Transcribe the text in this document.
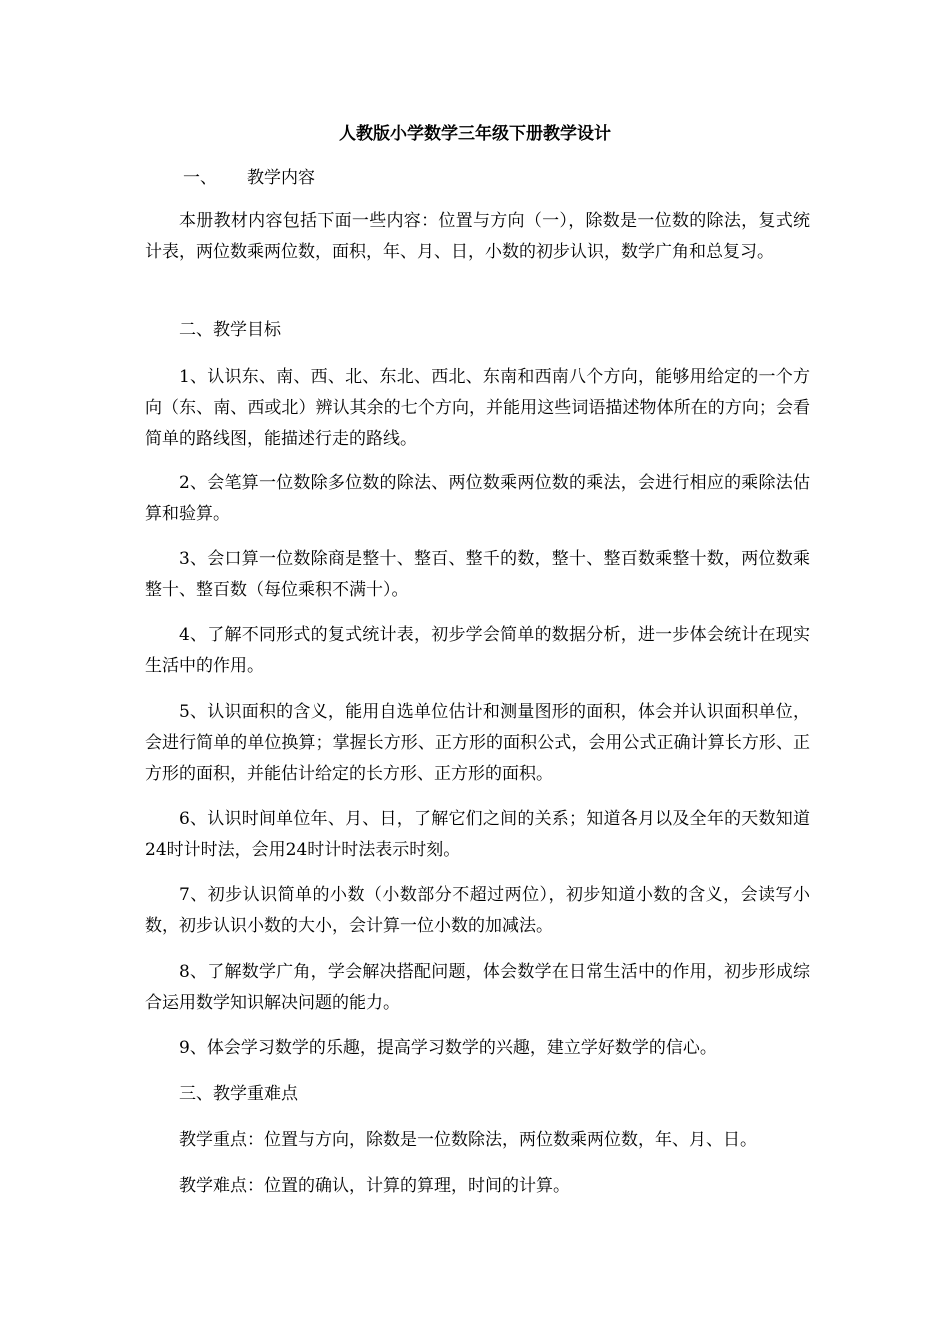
人教版小学数学三年级下册教学设计
一、 教学内容

本册教材内容包括下面一些内容：位置与方向（一），除数是一位数的除法，复式统计表，两位数乘两位数，面积，年、月、日，小数的初步认识，数学广角和总复习。

二、教学目标

1、认识东、南、西、北、东北、西北、东南和西南八个方向，能够用给定的一个方向（东、南、西或北）辨认其余的七个方向，并能用这些词语描述物体所在的方向；会看简单的路线图，能描述行走的路线。

2、会笔算一位数除多位数的除法、两位数乘两位数的乘法，会进行相应的乘除法估算和验算。

3、会口算一位数除商是整十、整百、整千的数，整十、整百数乘整十数，两位数乘整十、整百数（每位乘积不满十）。

4、了解不同形式的复式统计表，初步学会简单的数据分析，进一步体会统计在现实生活中的作用。

5、认识面积的含义，能用自选单位估计和测量图形的面积，体会并认识面积单位，会进行简单的单位换算；掌握长方形、正方形的面积公式，会用公式正确计算长方形、正方形的面积，并能估计给定的长方形、正方形的面积。

6、认识时间单位年、月、日，了解它们之间的关系；知道各月以及全年的天数知道24时计时法，会用24时计时法表示时刻。

7、初步认识简单的小数（小数部分不超过两位），初步知道小数的含义，会读写小数，初步认识小数的大小，会计算一位小数的加减法。

8、了解数学广角，学会解决搭配问题，体会数学在日常生活中的作用，初步形成综合运用数学知识解决问题的能力。

9、体会学习数学的乐趣，提高学习数学的兴趣，建立学好数学的信心。

三、教学重难点

教学重点：位置与方向，除数是一位数除法，两位数乘两位数，年、月、日。

教学难点：位置的确认，计算的算理，时间的计算。
